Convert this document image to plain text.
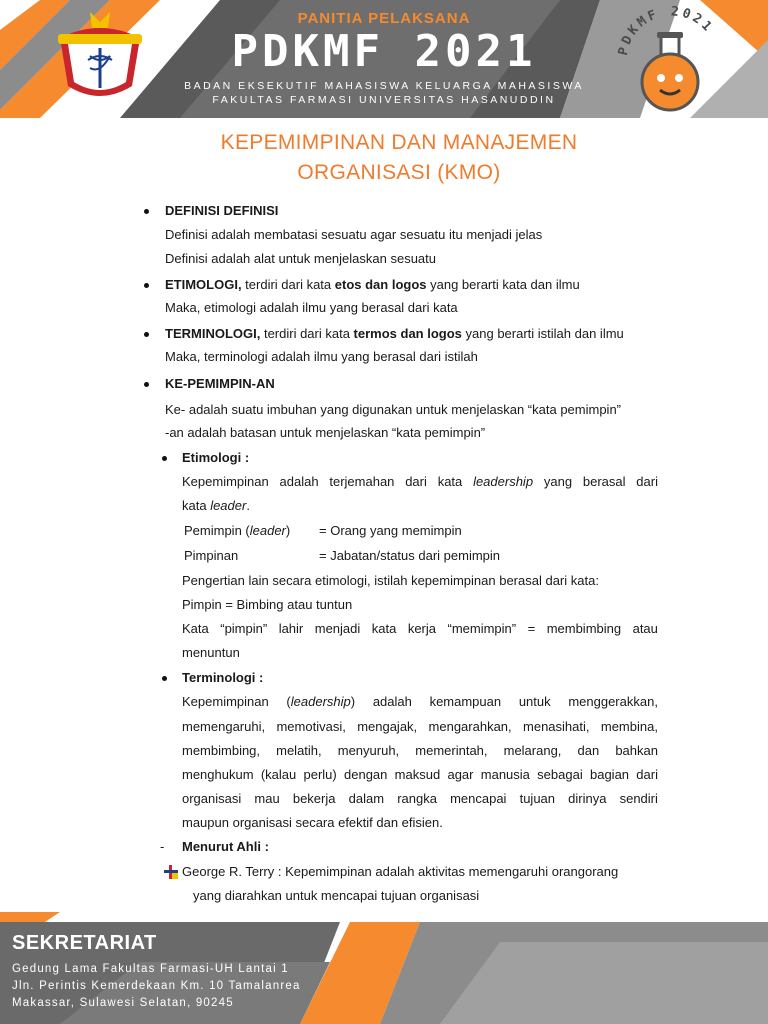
PANITIA PELAKSANA
PDKMF 2021
BADAN EKSEKUTIF MAHASISWA KELUARGA MAHASISWA
FAKULTAS FARMASI UNIVERSITAS HASANUDDIN
PDKMF 2021
KEPEMIMPINAN DAN MANAJEMEN
ORGANISASI (KMO)
DEFINISI DEFINISI
Definisi adalah membatasi sesuatu agar sesuatu itu menjadi jelas
Definisi adalah alat untuk menjelaskan sesuatu
ETIMOLOGI, terdiri dari kata etos dan logos yang berarti kata dan ilmu
Maka, etimologi adalah ilmu yang berasal dari kata
TERMINOLOGI, terdiri dari kata termos dan logos yang berarti istilah dan ilmu
Maka, terminologi adalah ilmu yang berasal dari istilah
KE-PEMIMPIN-AN
Ke- adalah suatu imbuhan yang digunakan untuk menjelaskan “kata pemimpin”
-an adalah batasan untuk menjelaskan “kata pemimpin”
Etimologi :
Kepemimpinan adalah terjemahan dari kata leadership yang berasal dari
kata leader.
Pemimpin (leader) = Orang yang memimpin
Pimpinan	= Jabatan/status dari pemimpin
Pengertian lain secara etimologi, istilah kepemimpinan berasal dari kata:
Pimpin = Bimbing atau tuntun
Kata “pimpin” lahir menjadi kata kerja “memimpin” = membimbing atau
menuntun
Terminologi :
Kepemimpinan (leadership) adalah kemampuan untuk menggerakkan,
memengaruhi, memotivasi, mengajak, mengarahkan, menasihati, membina,
membimbing, melatih, menyuruh, memerintah, melarang, dan bahkan
menghukum (kalau perlu) dengan maksud agar manusia sebagai bagian dari
organisasi mau bekerja dalam rangka mencapai tujuan dirinya sendiri
maupun organisasi secara efektif dan efisien.
- Menurut Ahli :
George R. Terry : Kepemimpinan adalah aktivitas memengaruhi orangorang
yang diarahkan untuk mencapai tujuan organisasi
SEKRETARIAT
Gedung Lama Fakultas Farmasi-UH Lantai 1
Jln. Perintis Kemerdekaan Km. 10 Tamalanrea
Makassar, Sulawesi Selatan, 90245
